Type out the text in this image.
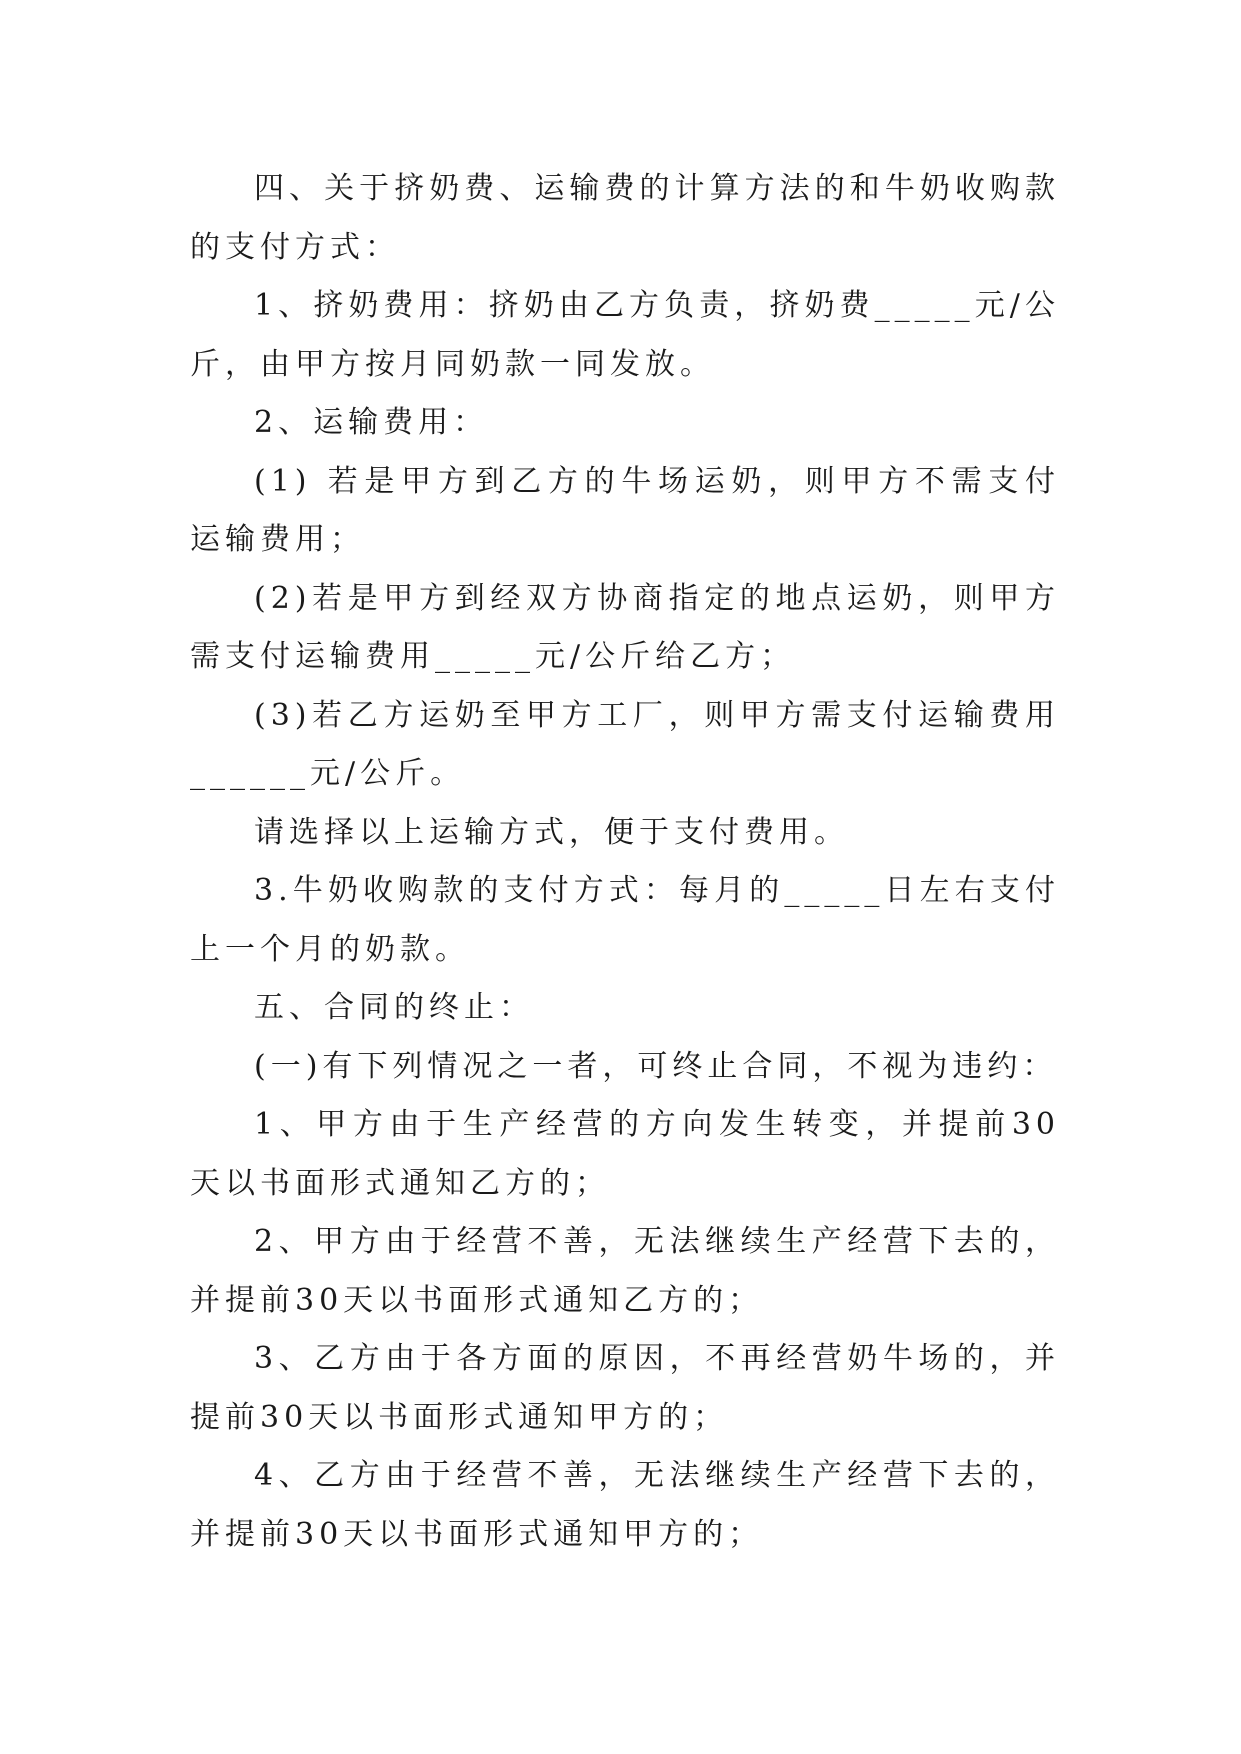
四、关于挤奶费、运输费的计算方法的和牛奶收购款的支付方式：

1、挤奶费用：挤奶由乙方负责，挤奶费_____元/公斤，由甲方按月同奶款一同发放。

2、运输费用：

(1) 若是甲方到乙方的牛场运奶，则甲方不需支付运输费用；

(2)若是甲方到经双方协商指定的地点运奶，则甲方需支付运输费用_____元/公斤给乙方；

(3)若乙方运奶至甲方工厂，则甲方需支付运输费用______元/公斤。

请选择以上运输方式，便于支付费用。

3.牛奶收购款的支付方式：每月的_____日左右支付上一个月的奶款。

五、合同的终止：

(一)有下列情况之一者，可终止合同，不视为违约：

1、甲方由于生产经营的方向发生转变，并提前30天以书面形式通知乙方的；

2、甲方由于经营不善，无法继续生产经营下去的，并提前30天以书面形式通知乙方的；

3、乙方由于各方面的原因，不再经营奶牛场的，并提前30天以书面形式通知甲方的；

4、乙方由于经营不善，无法继续生产经营下去的，并提前30天以书面形式通知甲方的；
